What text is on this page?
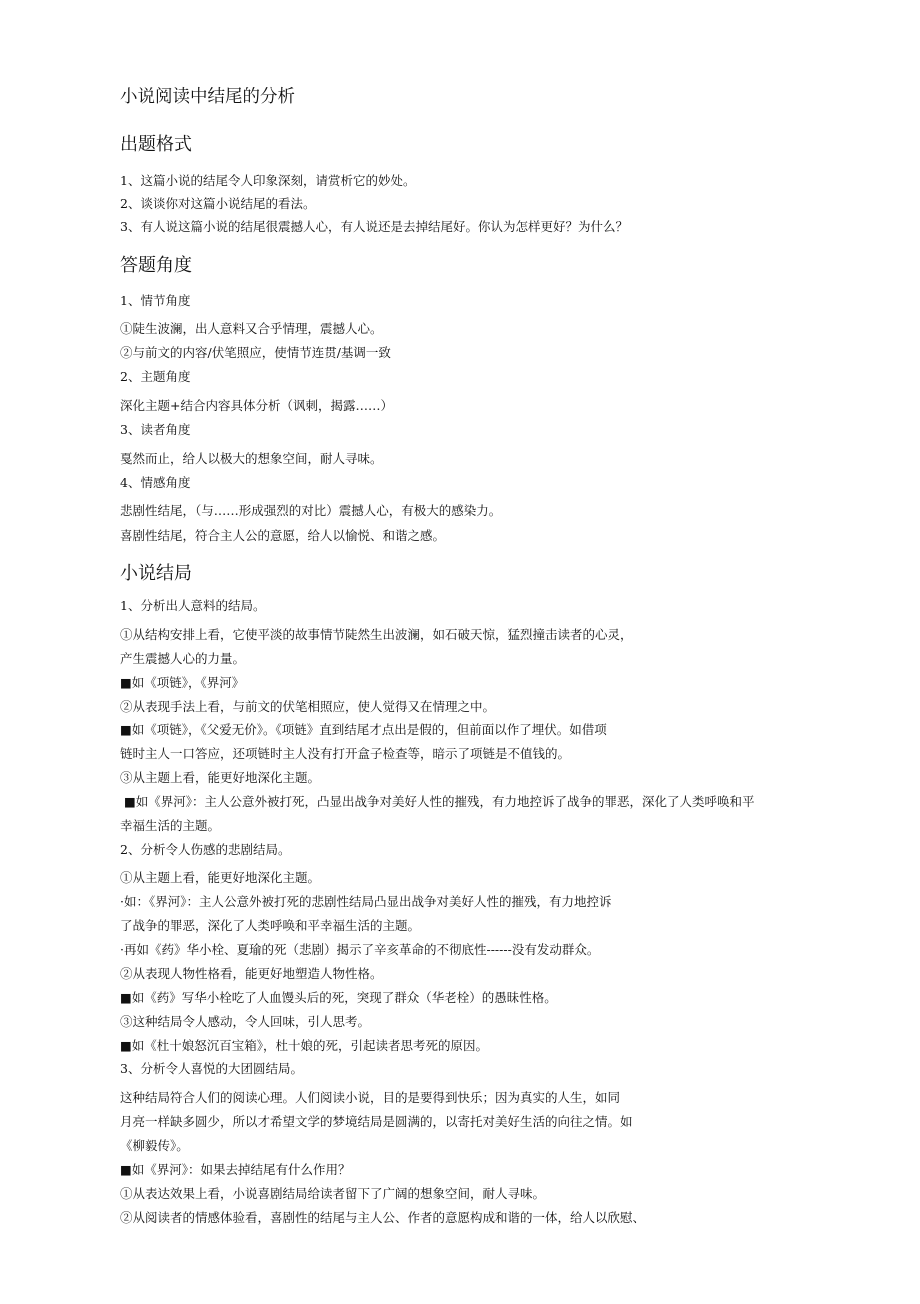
小说阅读中结尾的分析
出题格式
1、这篇小说的结尾令人印象深刻，请赏析它的妙处。
2、谈谈你对这篇小说结尾的看法。
3、有人说这篇小说的结尾很震撼人心，有人说还是去掉结尾好。你认为怎样更好？为什么？
答题角度
1、情节角度
①陡生波澜，出人意料又合乎情理，震撼人心。
②与前文的内容/伏笔照应，使情节连贯/基调一致
2、主题角度
深化主题+结合内容具体分析（讽刺，揭露……）
3、读者角度
戛然而止，给人以极大的想象空间，耐人寻味。
4、情感角度
悲剧性结尾，（与……形成强烈的对比）震撼人心，有极大的感染力。
喜剧性结尾，符合主人公的意愿，给人以愉悦、和谐之感。
小说结局
1、分析出人意料的结局。
①从结构安排上看，它使平淡的故事情节陡然生出波澜，如石破天惊，猛烈撞击读者的心灵，
产生震撼人心的力量。
■如《项链》，《界河》
②从表现手法上看，与前文的伏笔相照应，使人觉得又在情理之中。
■如《项链》，《父爱无价》。《项链》直到结尾才点出是假的，但前面以作了埋伏。如借项
链时主人一口答应，还项链时主人没有打开盒子检查等，暗示了项链是不值钱的。
③从主题上看，能更好地深化主题。
■如《界河》：主人公意外被打死，凸显出战争对美好人性的摧残，有力地控诉了战争的罪恶，深化了人类呼唤和平
幸福生活的主题。
2、分析令人伤感的悲剧结局。
①从主题上看，能更好地深化主题。
·如：《界河》：主人公意外被打死的悲剧性结局凸显出战争对美好人性的摧残，有力地控诉
了战争的罪恶，深化了人类呼唤和平幸福生活的主题。
·再如《药》华小栓、夏瑜的死（悲剧）揭示了辛亥革命的不彻底性------没有发动群众。
②从表现人物性格看，能更好地塑造人物性格。
■如《药》写华小栓吃了人血馒头后的死，突现了群众（华老栓）的愚昧性格。
③这种结局令人感动，令人回味，引人思考。
■如《杜十娘怒沉百宝箱》，杜十娘的死，引起读者思考死的原因。
3、分析令人喜悦的大团圆结局。
这种结局符合人们的阅读心理。人们阅读小说，目的是要得到快乐；因为真实的人生，如同
月亮一样缺多圆少，所以才希望文学的梦境结局是圆满的，以寄托对美好生活的向往之情。如
《柳毅传》。
■如《界河》：如果去掉结尾有什么作用？
①从表达效果上看，小说喜剧结局给读者留下了广阔的想象空间，耐人寻味。
②从阅读者的情感体验看，喜剧性的结尾与主人公、作者的意愿构成和谐的一体，给人以欣慰、
